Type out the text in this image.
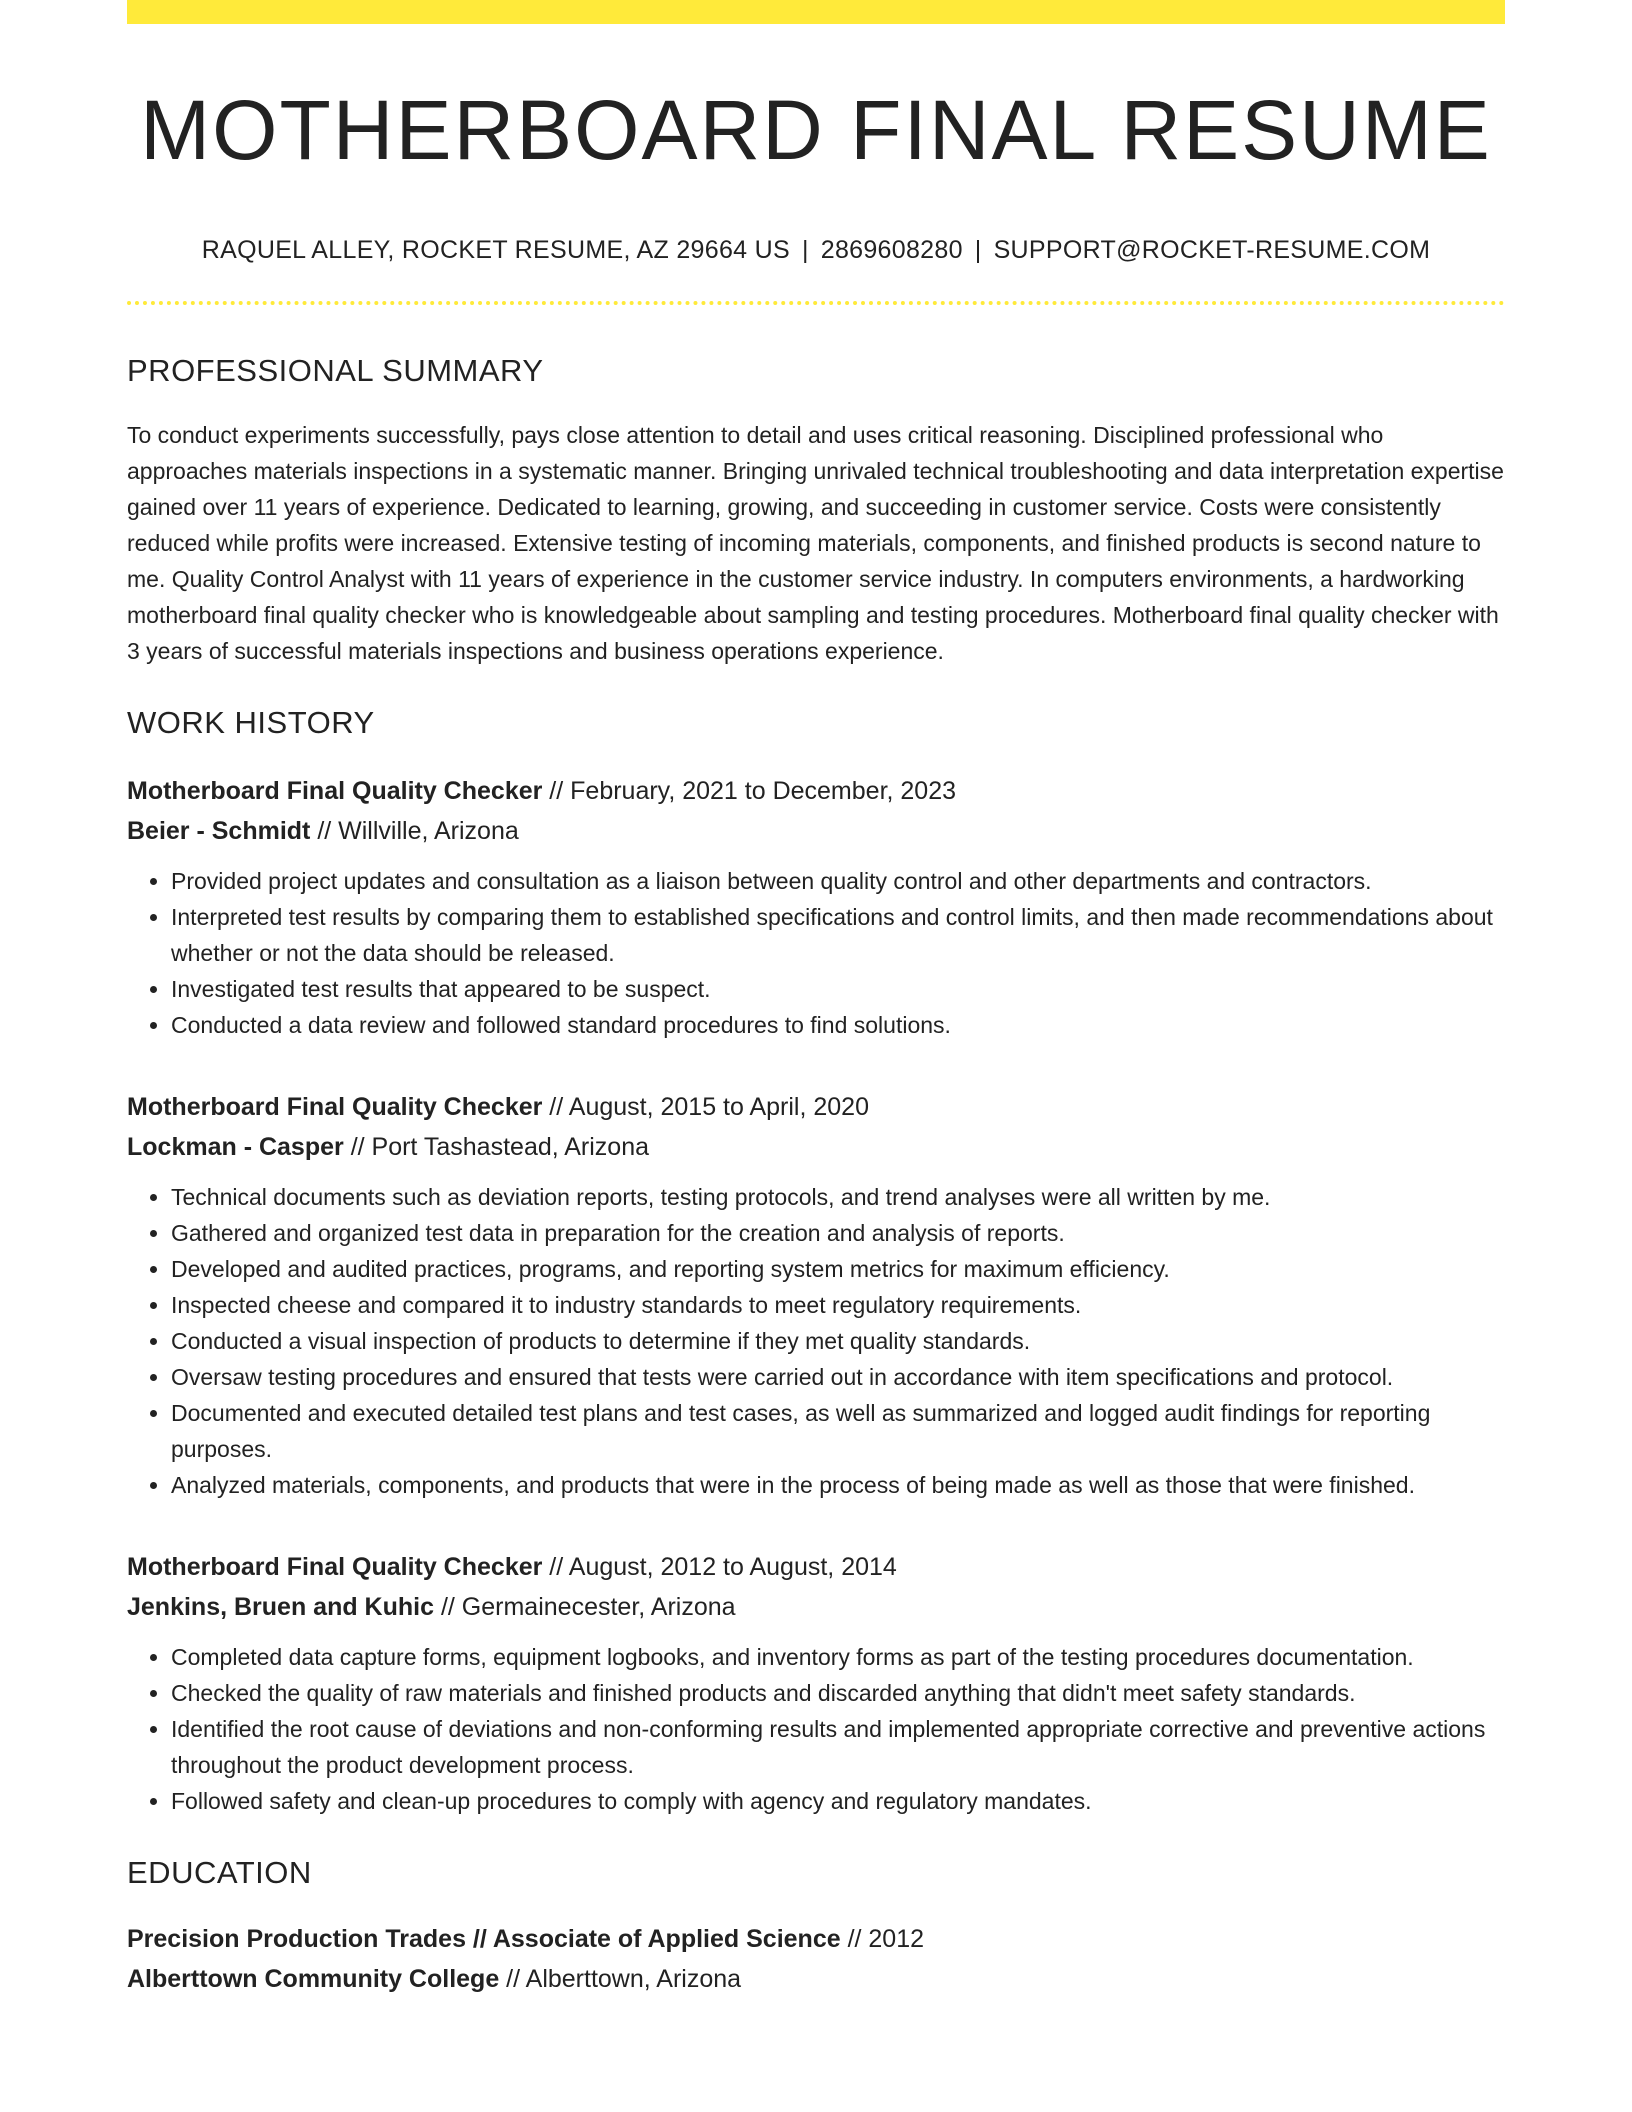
MOTHERBOARD FINAL RESUME
RAQUEL ALLEY, ROCKET RESUME, AZ 29664 US | 2869608280 | SUPPORT@ROCKET-RESUME.COM
PROFESSIONAL SUMMARY

To conduct experiments successfully, pays close attention to detail and uses critical reasoning. Disciplined professional who approaches materials inspections in a systematic manner. Bringing unrivaled technical troubleshooting and data interpretation expertise gained over 11 years of experience. Dedicated to learning, growing, and succeeding in customer service. Costs were consistently reduced while profits were increased. Extensive testing of incoming materials, components, and finished products is second nature to me. Quality Control Analyst with 11 years of experience in the customer service industry. In computers environments, a hardworking motherboard final quality checker who is knowledgeable about sampling and testing procedures. Motherboard final quality checker with 3 years of successful materials inspections and business operations experience.

WORK HISTORY
Motherboard Final Quality Checker // February, 2021 to December, 2023
Beier - Schmidt // Willville, Arizona
• Provided project updates and consultation as a liaison between quality control and other departments and contractors.
• Interpreted test results by comparing them to established specifications and control limits, and then made recommendations about whether or not the data should be released.
• Investigated test results that appeared to be suspect.
• Conducted a data review and followed standard procedures to find solutions.
Motherboard Final Quality Checker // August, 2015 to April, 2020
Lockman - Casper // Port Tashastead, Arizona
• Technical documents such as deviation reports, testing protocols, and trend analyses were all written by me.
• Gathered and organized test data in preparation for the creation and analysis of reports.
• Developed and audited practices, programs, and reporting system metrics for maximum efficiency.
• Inspected cheese and compared it to industry standards to meet regulatory requirements.
• Conducted a visual inspection of products to determine if they met quality standards.
• Oversaw testing procedures and ensured that tests were carried out in accordance with item specifications and protocol.
• Documented and executed detailed test plans and test cases, as well as summarized and logged audit findings for reporting purposes.
• Analyzed materials, components, and products that were in the process of being made as well as those that were finished.
Motherboard Final Quality Checker // August, 2012 to August, 2014
Jenkins, Bruen and Kuhic // Germainecester, Arizona
• Completed data capture forms, equipment logbooks, and inventory forms as part of the testing procedures documentation.
• Checked the quality of raw materials and finished products and discarded anything that didn't meet safety standards.
• Identified the root cause of deviations and non-conforming results and implemented appropriate corrective and preventive actions throughout the product development process.
• Followed safety and clean-up procedures to comply with agency and regulatory mandates.
EDUCATION
Precision Production Trades // Associate of Applied Science // 2012
Alberttown Community College // Alberttown, Arizona
